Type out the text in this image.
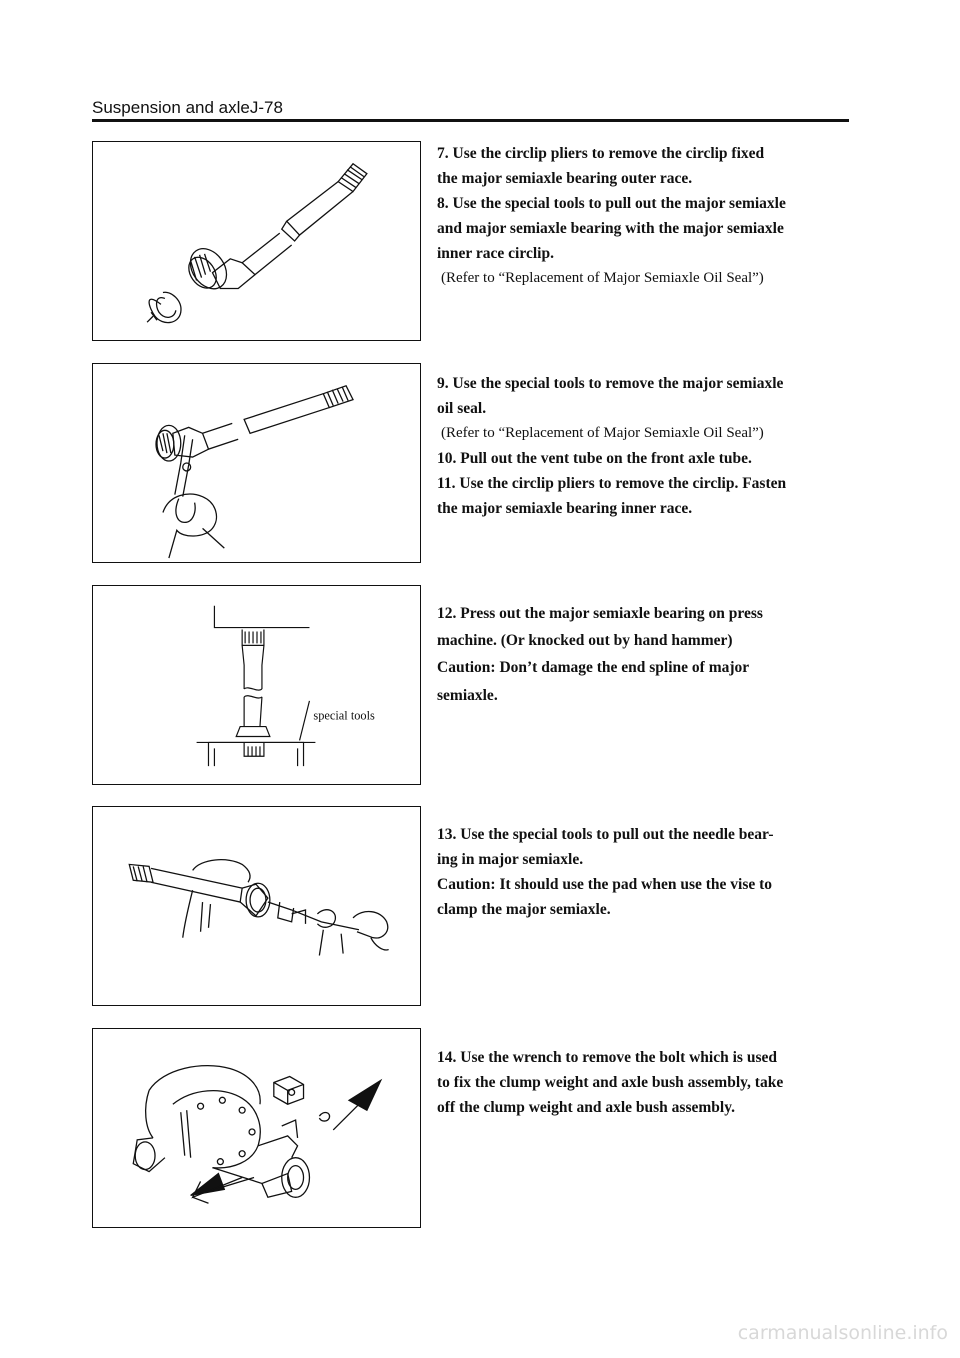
Suspension and axleJ-78

7. Use the circlip pliers to remove the circlip fixed

the major semiaxle bearing outer race.

8. Use the special tools to pull out the major semiaxle

and major semiaxle bearing with the major semiaxle

inner race circlip.

(Refer to “Replacement of Major Semiaxle Oil Seal”)

9. Use the special tools to remove the major semiaxle

oil seal.

(Refer to “Replacement of Major Semiaxle Oil Seal”)

10. Pull out the vent tube on the front axle tube.

11. Use the circlip pliers to remove the circlip. Fasten

the major semiaxle bearing inner race.

special tools

12. Press out the major semiaxle bearing on press

machine. (Or knocked out by hand hammer)

Caution: Don’t damage the end spline of major

semiaxle.

13. Use the special tools to pull out the needle bear-

ing in major semiaxle.

Caution: It should use the pad when use the vise to

clamp the major semiaxle.

14. Use the wrench to remove the bolt which is used

to fix the clump weight and axle bush assembly, take

off the clump weight and axle bush assembly.

carmanualsonline.info
